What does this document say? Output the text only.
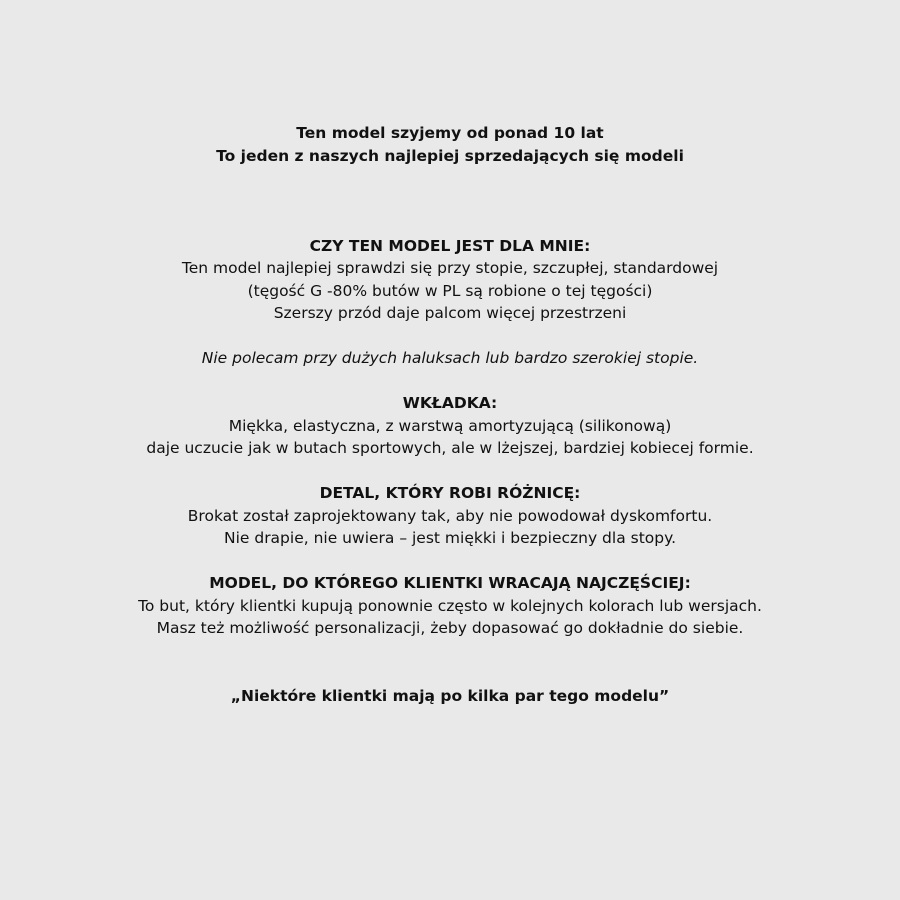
Ten model szyjemy od ponad 10 lat
To jeden z naszych najlepiej sprzedających się modeli
CZY TEN MODEL JEST DLA MNIE:
Ten model najlepiej sprawdzi się przy stopie, szczupłej, standardowej
(tęgość G -80% butów w PL są robione o tej tęgości)
Szerszy przód daje palcom więcej przestrzeni
Nie polecam przy dużych haluksach lub bardzo szerokiej stopie.
WKŁADKA:
Miękka, elastyczna, z warstwą amortyzującą (silikonową)
daje uczucie jak w butach sportowych, ale w lżejszej, bardziej kobiecej formie.
DETAL, KTÓRY ROBI RÓŻNICĘ:
Brokat został zaprojektowany tak, aby nie powodował dyskomfortu.
Nie drapie, nie uwiera – jest miękki i bezpieczny dla stopy.
MODEL, DO KTÓREGO KLIENTKI WRACAJĄ NAJCZĘŚCIEJ:
To but, który klientki kupują ponownie często w kolejnych kolorach lub wersjach.
Masz też możliwość personalizacji, żeby dopasować go dokładnie do siebie.
„Niektóre klientki mają po kilka par tego modelu”
